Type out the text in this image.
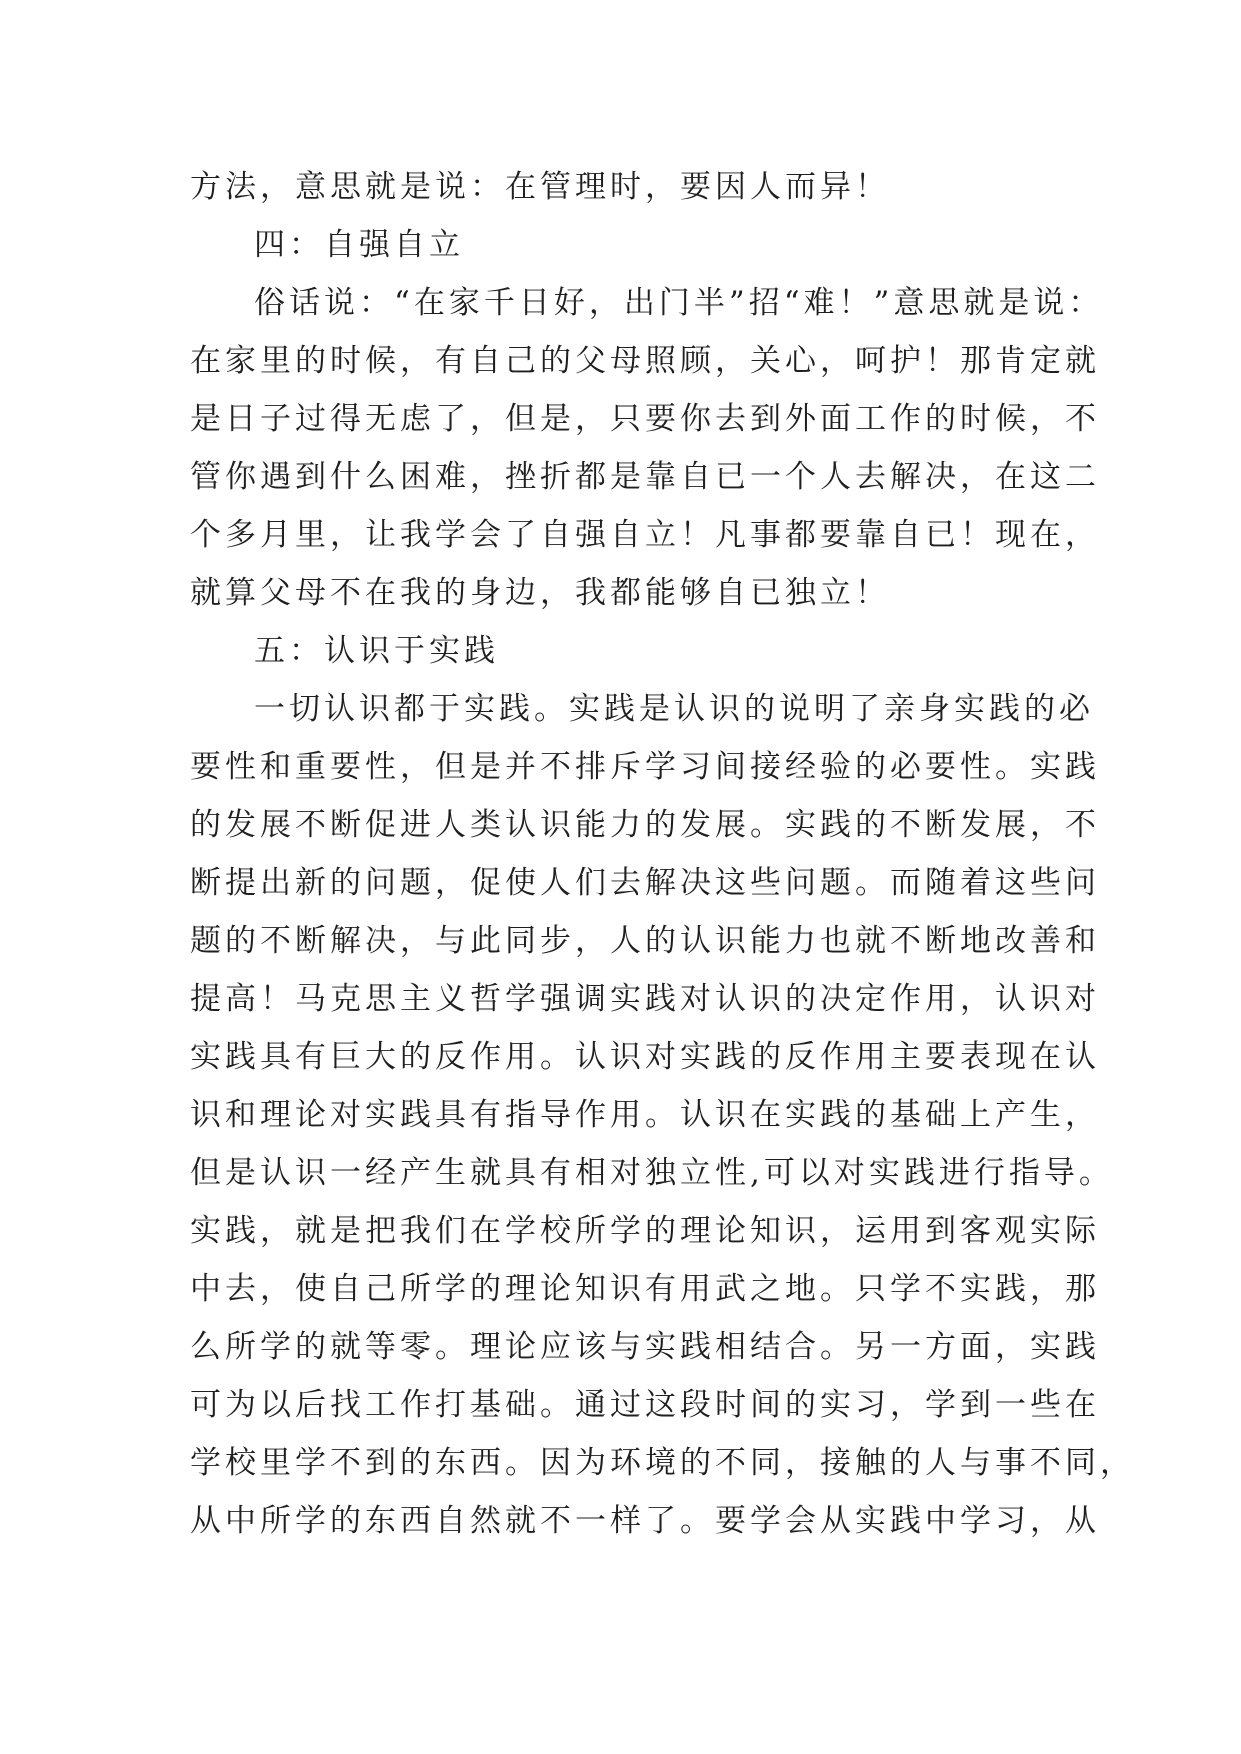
方法，意思就是说：在管理时，要因人而异！

四：自强自立

俗话说：“在家千日好，出门半”招“难！”意思就是说：

在家里的时候，有自己的父母照顾，关心，呵护！那肯定就

是日子过得无虑了，但是，只要你去到外面工作的时候，不

管你遇到什么困难，挫折都是靠自已一个人去解决，在这二

个多月里，让我学会了自强自立！凡事都要靠自已！现在，

就算父母不在我的身边，我都能够自已独立！

五：认识于实践

一切认识都于实践。实践是认识的说明了亲身实践的必

要性和重要性，但是并不排斥学习间接经验的必要性。实践

的发展不断促进人类认识能力的发展。实践的不断发展，不

断提出新的问题，促使人们去解决这些问题。而随着这些问

题的不断解决，与此同步，人的认识能力也就不断地改善和

提高！马克思主义哲学强调实践对认识的决定作用，认识对

实践具有巨大的反作用。认识对实践的反作用主要表现在认

识和理论对实践具有指导作用。认识在实践的基础上产生，

但是认识一经产生就具有相对独立性,可以对实践进行指导。

实践，就是把我们在学校所学的理论知识，运用到客观实际

中去，使自己所学的理论知识有用武之地。只学不实践，那

么所学的就等零。理论应该与实践相结合。另一方面，实践

可为以后找工作打基础。通过这段时间的实习，学到一些在

学校里学不到的东西。因为环境的不同，接触的人与事不同，

从中所学的东西自然就不一样了。要学会从实践中学习，从
